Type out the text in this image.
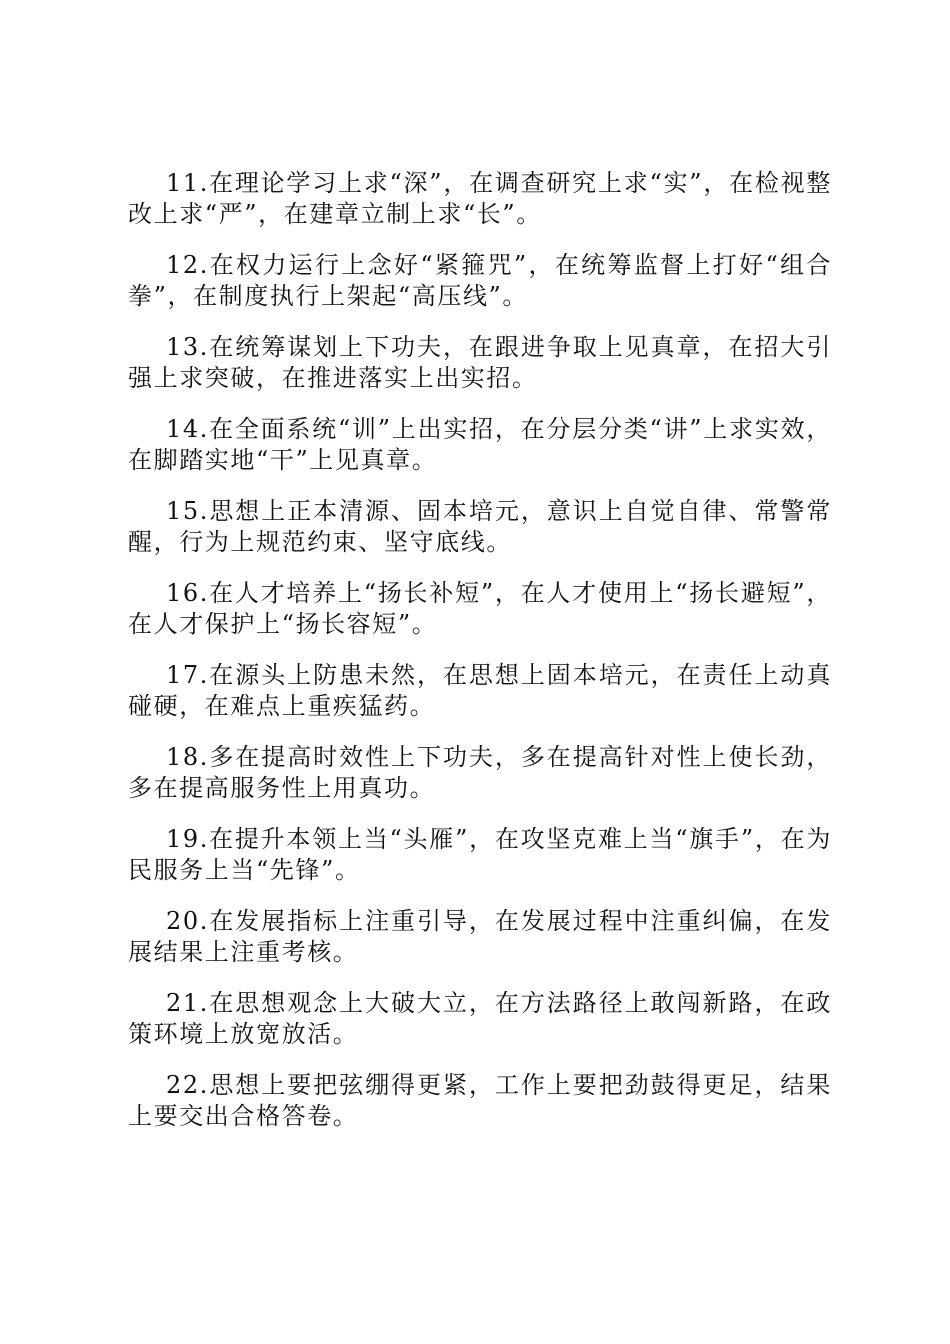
11.在理论学习上求“深”，在调查研究上求“实”，在检视整改上求“严”，在建章立制上求“长”。

12.在权力运行上念好“紧箍咒”，在统筹监督上打好“组合拳”，在制度执行上架起“高压线”。

13.在统筹谋划上下功夫，在跟进争取上见真章，在招大引强上求突破，在推进落实上出实招。

14.在全面系统“训”上出实招，在分层分类“讲”上求实效，在脚踏实地“干”上见真章。

15.思想上正本清源、固本培元，意识上自觉自律、常警常醒，行为上规范约束、坚守底线。

16.在人才培养上“扬长补短”，在人才使用上“扬长避短”，在人才保护上“扬长容短”。

17.在源头上防患未然，在思想上固本培元，在责任上动真碰硬，在难点上重疾猛药。

18.多在提高时效性上下功夫，多在提高针对性上使长劲，多在提高服务性上用真功。

19.在提升本领上当“头雁”，在攻坚克难上当“旗手”，在为民服务上当“先锋”。

20.在发展指标上注重引导，在发展过程中注重纠偏，在发展结果上注重考核。

21.在思想观念上大破大立，在方法路径上敢闯新路，在政策环境上放宽放活。

22.思想上要把弦绷得更紧，工作上要把劲鼓得更足，结果上要交出合格答卷。
